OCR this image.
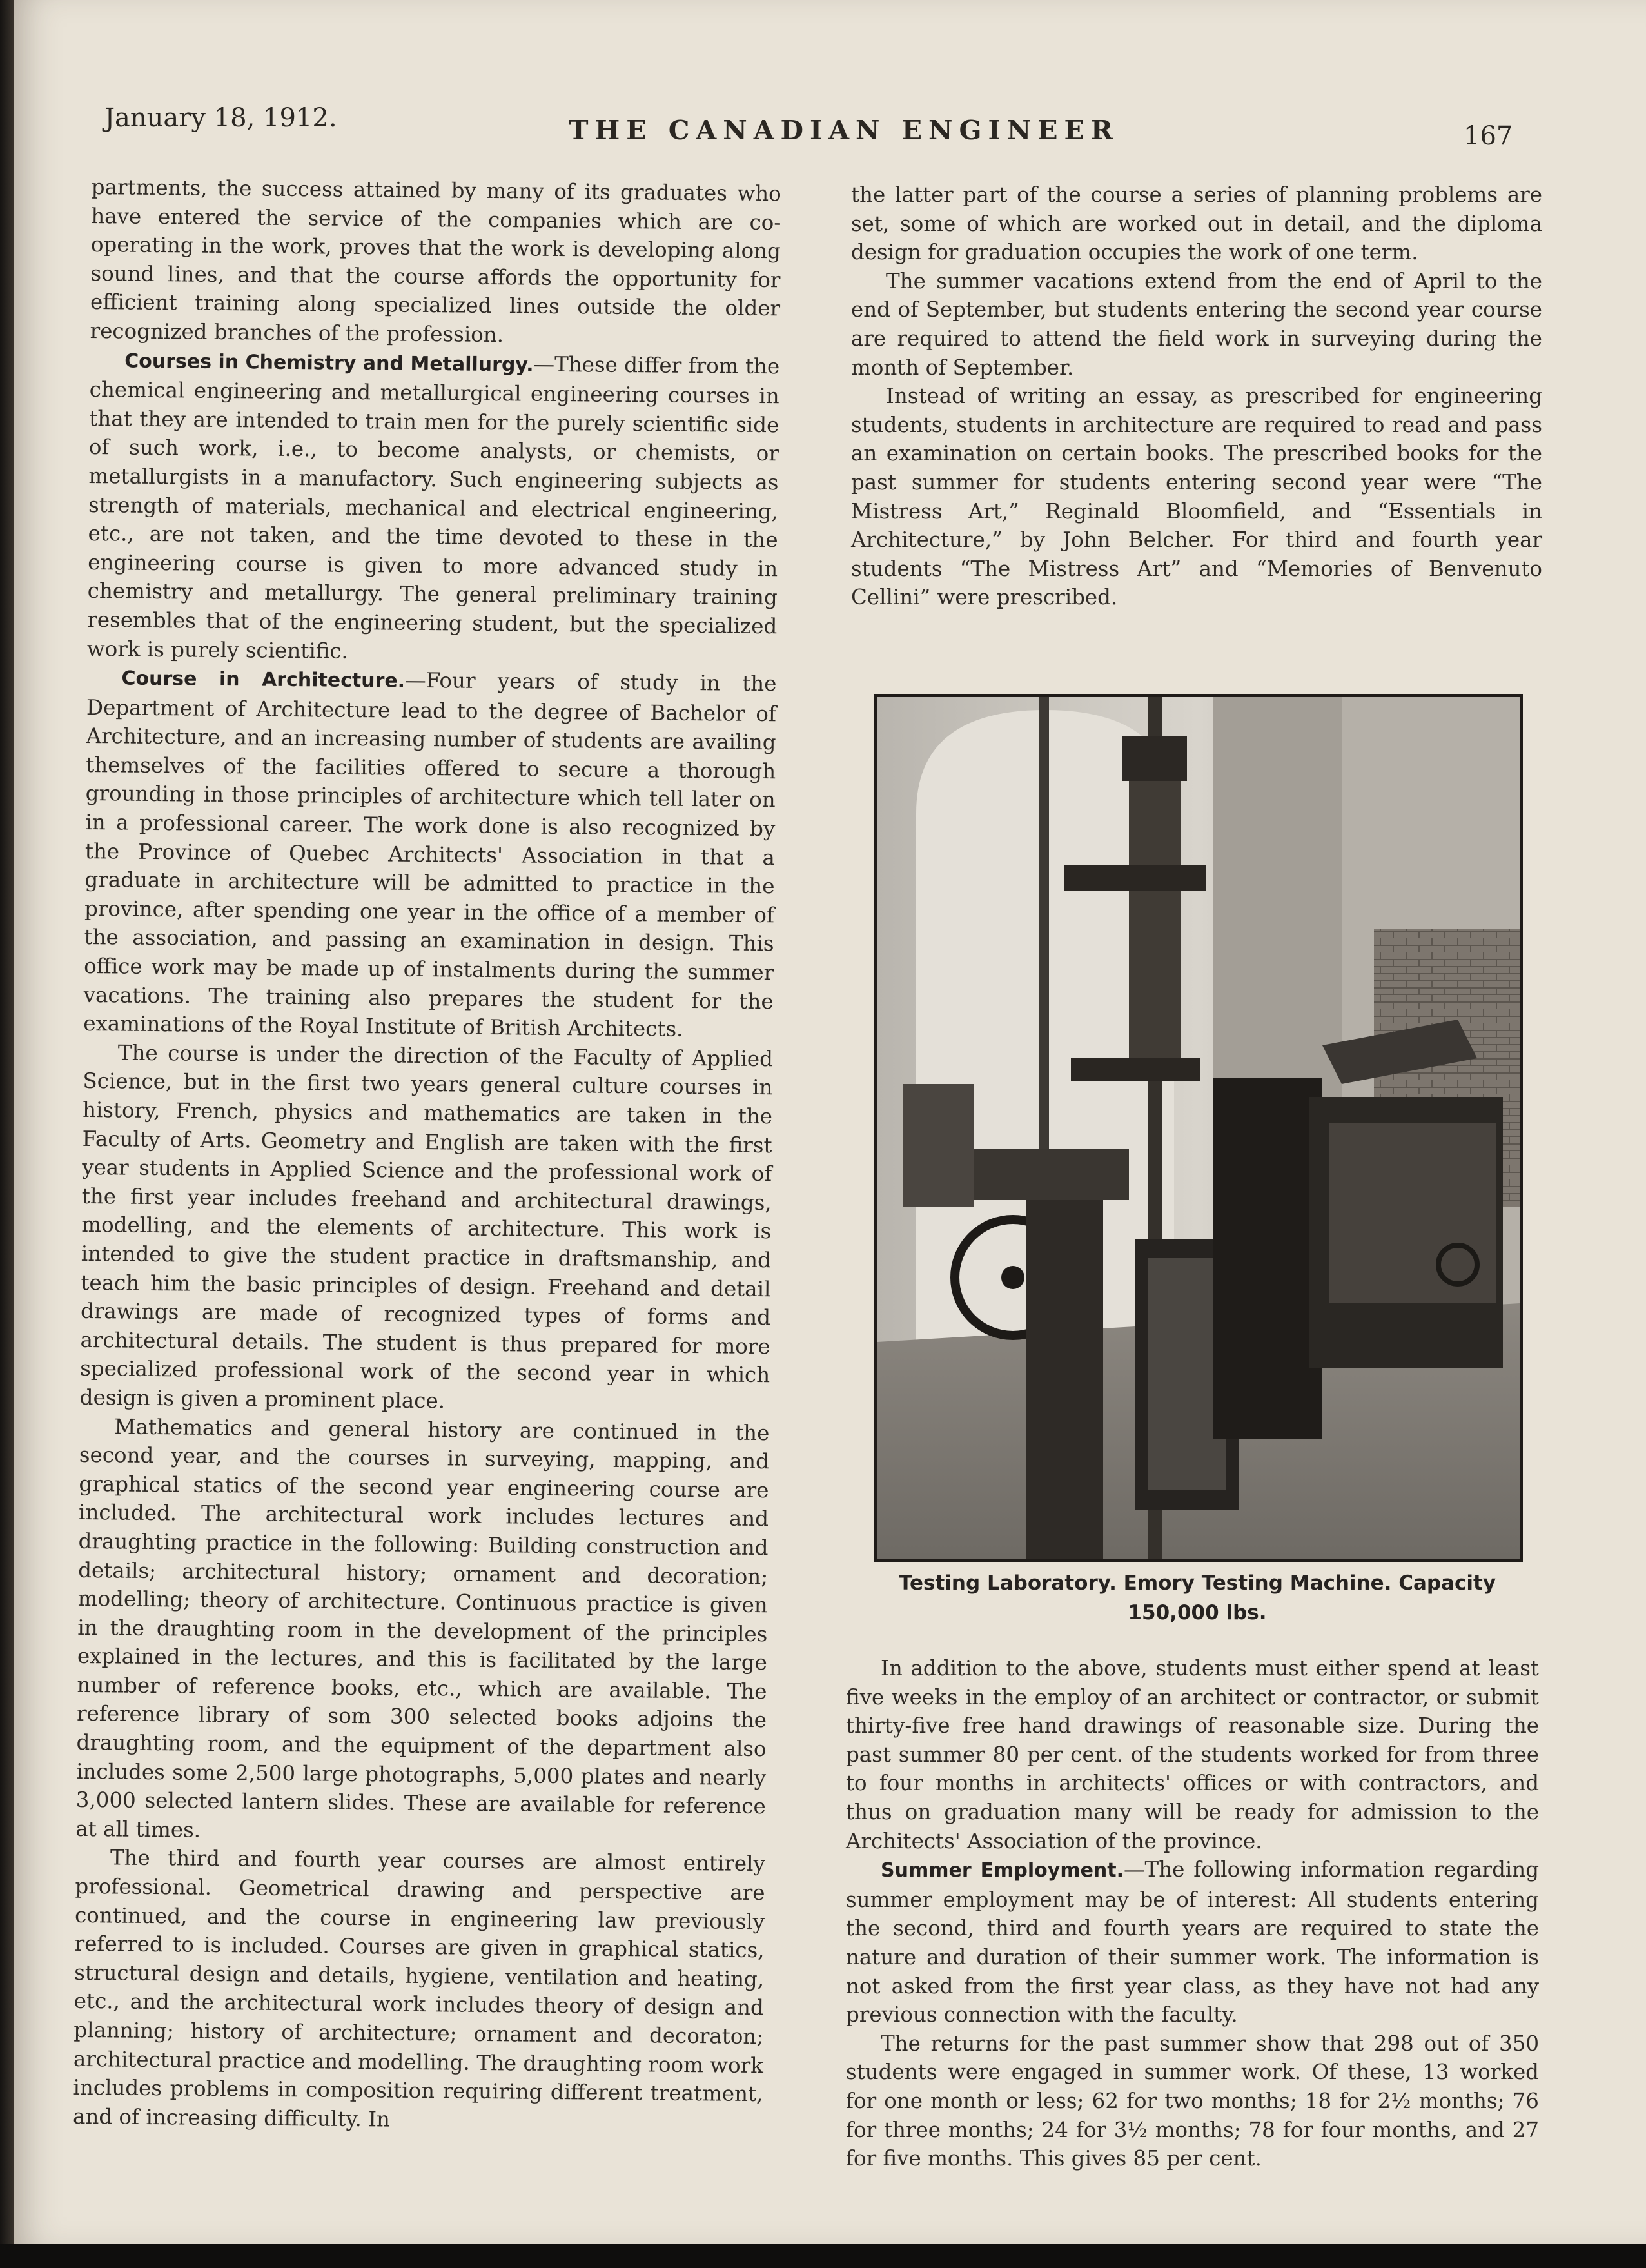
January 18, 1912.	THE CANADIAN ENGINEER	167

partments, the success attained by many of its graduates who have entered the service of the companies which are co-operating in the work, proves that the work is developing along sound lines, and that the course affords the opportunity for efficient training along specialized lines outside the older recognized branches of the profession.

Courses in Chemistry and Metallurgy.—These differ from the chemical engineering and metallurgical engineering courses in that they are intended to train men for the purely scientific side of such work, i.e., to become analysts, or chemists, or metallurgists in a manufactory. Such engineering subjects as strength of materials, mechanical and electrical engineering, etc., are not taken, and the time devoted to these in the engineering course is given to more advanced study in chemistry and metallurgy. The general preliminary training resembles that of the engineering student, but the specialized work is purely scientific.

Course in Architecture.—Four years of study in the Department of Architecture lead to the degree of Bachelor of Architecture, and an increasing number of students are availing themselves of the facilities offered to secure a thorough grounding in those principles of architecture which tell later on in a professional career. The work done is also recognized by the Province of Quebec Architects' Association in that a graduate in architecture will be admitted to practice in the province, after spending one year in the office of a member of the association, and passing an examination in design. This office work may be made up of instalments during the summer vacations. The training also prepares the student for the examinations of the Royal Institute of British Architects.

The course is under the direction of the Faculty of Applied Science, but in the first two years general culture courses in history, French, physics and mathematics are taken in the Faculty of Arts. Geometry and English are taken with the first year students in Applied Science and the professional work of the first year includes freehand and architectural drawings, modelling, and the elements of architecture. This work is intended to give the student practice in draftsmanship, and teach him the basic principles of design. Freehand and detail drawings are made of recognized types of forms and architectural details. The student is thus prepared for more specialized professional work of the second year in which design is given a prominent place.

Mathematics and general history are continued in the second year, and the courses in surveying, mapping, and graphical statics of the second year engineering course are included. The architectural work includes lectures and draughting practice in the following: Building construction and details; architectural history; ornament and decoration; modelling; theory of architecture. Continuous practice is given in the draughting room in the development of the principles explained in the lectures, and this is facilitated by the large number of reference books, etc., which are available. The reference library of som 300 selected books adjoins the draughting room, and the equipment of the department also includes some 2,500 large photographs, 5,000 plates and nearly 3,000 selected lantern slides. These are available for reference at all times.

The third and fourth year courses are almost entirely professional. Geometrical drawing and perspective are continued, and the course in engineering law previously referred to is included. Courses are given in graphical statics, structural design and details, hygiene, ventilation and heating, etc., and the architectural work includes theory of design and planning; history of architecture; ornament and decoraton; architectural practice and modelling. The draughting room work includes problems in composition requiring different treatment, and of increasing difficulty. In

the latter part of the course a series of planning problems are set, some of which are worked out in detail, and the diploma design for graduation occupies the work of one term.

The summer vacations extend from the end of April to the end of September, but students entering the second year course are required to attend the field work in surveying during the month of September.

Instead of writing an essay, as prescribed for engineering students, students in architecture are required to read and pass an examination on certain books. The prescribed books for the past summer for students entering second year were “The Mistress Art,” Reginald Bloomfield, and “Essentials in Architecture,” by John Belcher. For third and fourth year students “The Mistress Art” and “Memories of Benvenuto Cellini” were prescribed.

Testing Laboratory. Emory Testing Machine. Capacity
150,000 lbs.

In addition to the above, students must either spend at least five weeks in the employ of an architect or contractor, or submit thirty-five free hand drawings of reasonable size. During the past summer 80 per cent. of the students worked for from three to four months in architects' offices or with contractors, and thus on graduation many will be ready for admission to the Architects' Association of the province.

Summer Employment.—The following information regarding summer employment may be of interest: All students entering the second, third and fourth years are required to state the nature and duration of their summer work. The information is not asked from the first year class, as they have not had any previous connection with the faculty.

The returns for the past summer show that 298 out of 350 students were engaged in summer work. Of these, 13 worked for one month or less; 62 for two months; 18 for 2½ months; 76 for three months; 24 for 3½ months; 78 for four months, and 27 for five months. This gives 85 per cent.
